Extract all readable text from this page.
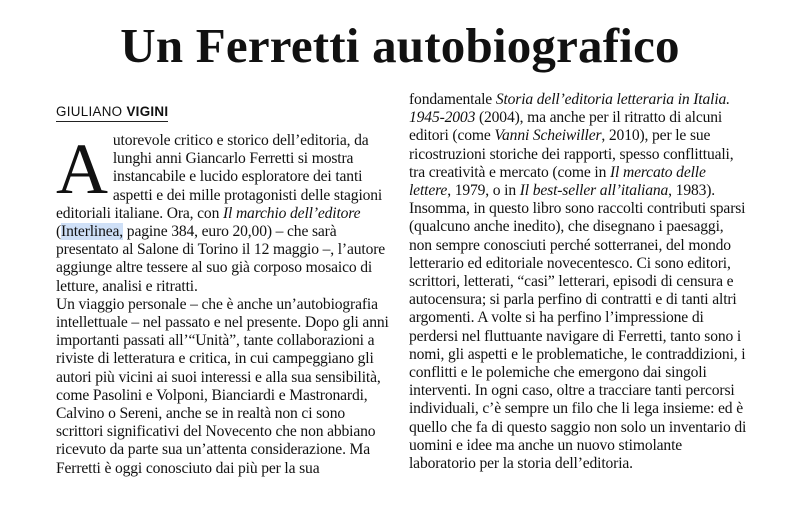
Un Ferretti autobiografico
GIULIANO VIGINI

Autorevole critico e storico dell’editoria, da lunghi anni Giancarlo Ferretti si mostra instancabile e lucido esploratore dei tanti aspetti e dei mille protagonisti delle stagioni editoriali italiane. Ora, con Il marchio dell’editore (Interlinea, pagine 384, euro 20,00) – che sarà presentato al Salone di Torino il 12 maggio –, l’autore aggiunge altre tessere al suo già corposo mosaico di letture, analisi e ritratti.

Un viaggio personale – che è anche un’autobiografia intellettuale – nel passato e nel presente. Dopo gli anni importanti passati all’“Unità”, tante collaborazioni a riviste di letteratura e critica, in cui campeggiano gli autori più vicini ai suoi interessi e alla sua sensibilità, come Pasolini e Volponi, Bianciardi e Mastronardi, Calvino o Sereni, anche se in realtà non ci sono scrittori significativi del Novecento che non abbiano ricevuto da parte sua un’attenta considerazione. Ma Ferretti è oggi conosciuto dai più per la sua

fondamentale Storia dell’editoria letteraria in Italia. 1945-2003 (2004), ma anche per il ritratto di alcuni editori (come Vanni Scheiwiller, 2010), per le sue ricostruzioni storiche dei rapporti, spesso conflittuali, tra creatività e mercato (come in Il mercato delle lettere, 1979, o in Il best-seller all’italiana, 1983).

Insomma, in questo libro sono raccolti contributi sparsi (qualcuno anche inedito), che disegnano i paesaggi, non sempre conosciuti perché sotterranei, del mondo letterario ed editoriale novecentesco. Ci sono editori, scrittori, letterati, “casi” letterari, episodi di censura e autocensura; si parla perfino di contratti e di tanti altri argomenti. A volte si ha perfino l’impressione di perdersi nel fluttuante navigare di Ferretti, tanto sono i nomi, gli aspetti e le problematiche, le contraddizioni, i conflitti e le polemiche che emergono dai singoli interventi. In ogni caso, oltre a tracciare tanti percorsi individuali, c’è sempre un filo che li lega insieme: ed è quello che fa di questo saggio non solo un inventario di uomini e idee ma anche un nuovo stimolante laboratorio per la storia dell’editoria.
